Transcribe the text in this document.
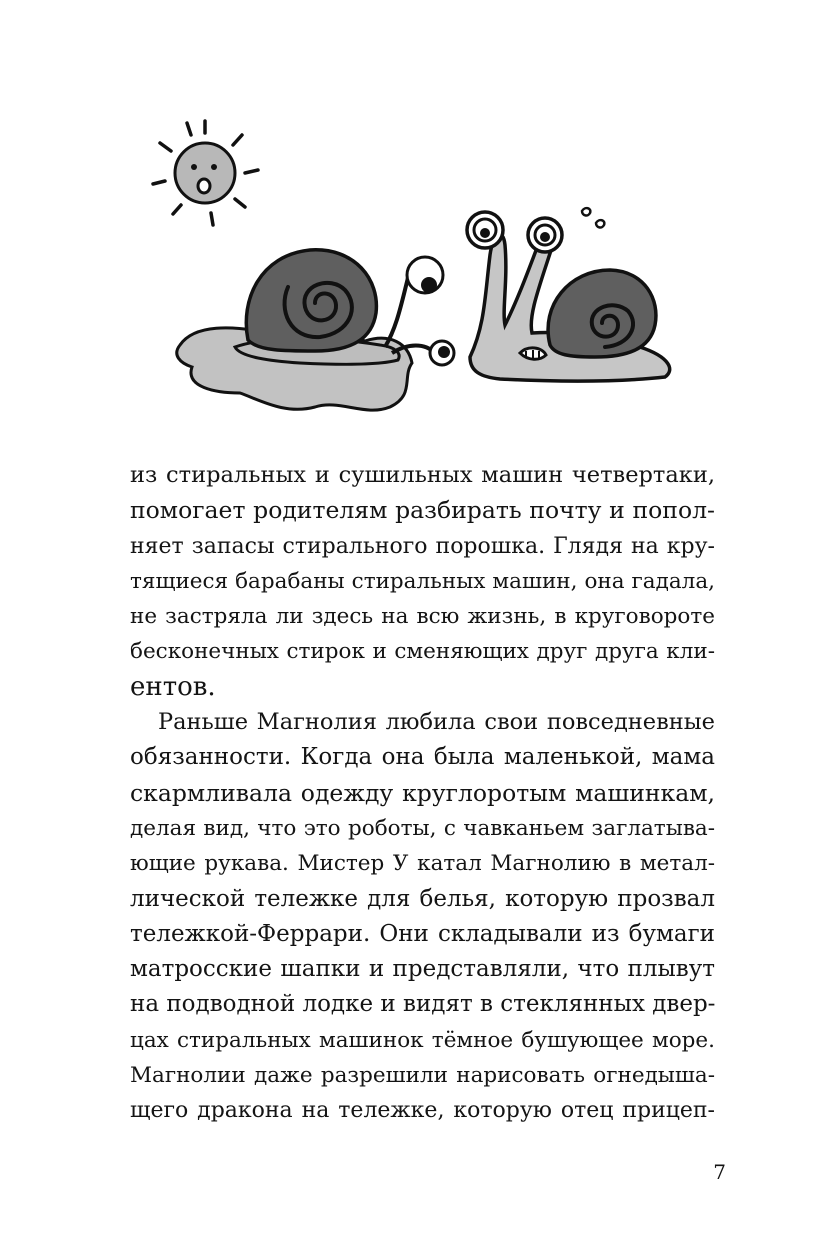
из стиральных и сушильных машин четвертаки,
помогает родителям разбирать почту и попол-
няет запасы стирального порошка. Глядя на кру-
тящиеся барабаны стиральных машин, она гадала,
не застряла ли здесь на всю жизнь, в круговороте
бесконечных стирок и сменяющих друг друга кли-
ентов.
Раньше Магнолия любила свои повседневные
обязанности. Когда она была маленькой, мама
скармливала одежду круглоротым машинкам,
делая вид, что это роботы, с чавканьем заглатыва-
ющие рукава. Мистер У катал Магнолию в метал-
лической тележке для белья, которую прозвал
тележкой-Феррари. Они складывали из бумаги
матросские шапки и представляли, что плывут
на подводной лодке и видят в стеклянных двер-
цах стиральных машинок тёмное бушующее море.
Магнолии даже разрешили нарисовать огнедыша-
щего дракона на тележке, которую отец прицеп-
7
